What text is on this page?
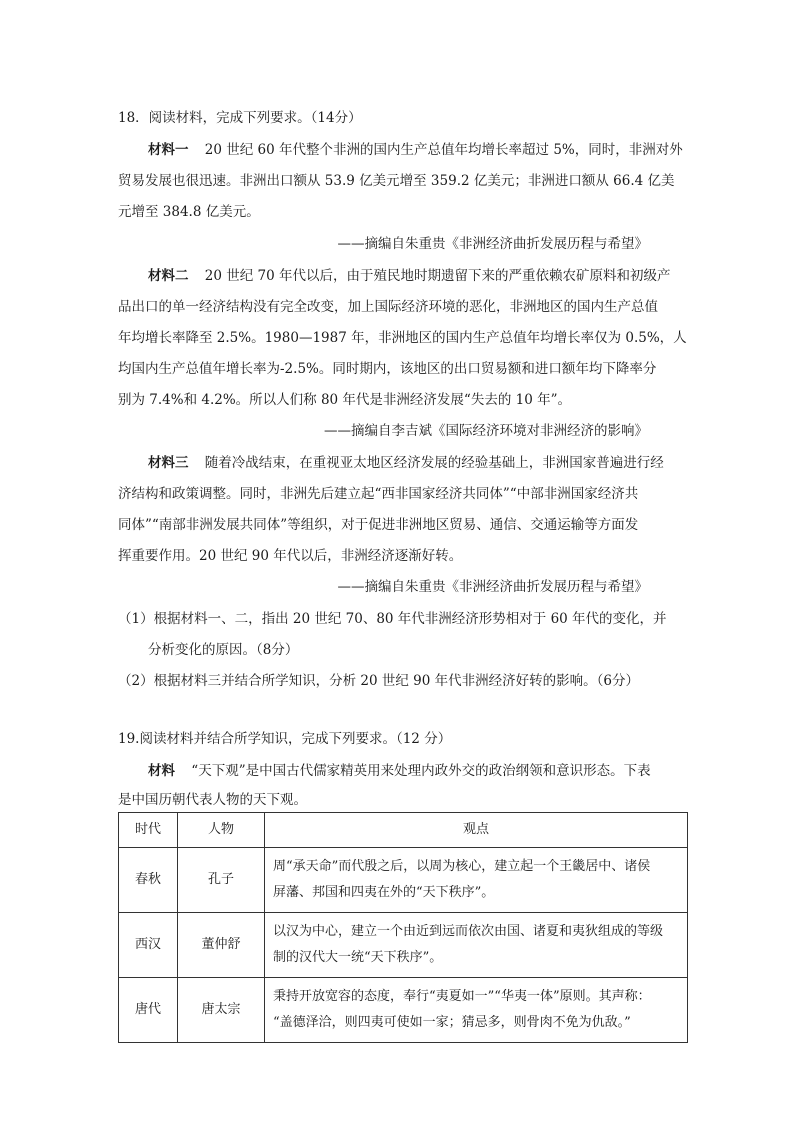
18．阅读材料，完成下列要求。（14分）
材料一 20 世纪 60 年代整个非洲的国内生产总值年均增长率超过 5%，同时，非洲对外
贸易发展也很迅速。非洲出口额从 53.9 亿美元增至 359.2 亿美元；非洲进口额从 66.4 亿美
元增至 384.8 亿美元。
——摘编自朱重贵《非洲经济曲折发展历程与希望》
材料二 20 世纪 70 年代以后，由于殖民地时期遗留下来的严重依赖农矿原料和初级产
品出口的单一经济结构没有完全改变，加上国际经济环境的恶化，非洲地区的国内生产总值
年均增长率降至 2.5%。1980—1987 年，非洲地区的国内生产总值年均增长率仅为 0.5%，人
均国内生产总值年增长率为-2.5%。同时期内，该地区的出口贸易额和进口额年均下降率分
别为 7.4%和 4.2%。所以人们称 80 年代是非洲经济发展“失去的 10 年”。
——摘编自李吉斌《国际经济环境对非洲经济的影响》
材料三 随着冷战结束，在重视亚太地区经济发展的经验基础上，非洲国家普遍进行经
济结构和政策调整。同时，非洲先后建立起“西非国家经济共同体”“中部非洲国家经济共
同体”“南部非洲发展共同体”等组织，对于促进非洲地区贸易、通信、交通运输等方面发
挥重要作用。20 世纪 90 年代以后，非洲经济逐渐好转。
——摘编自朱重贵《非洲经济曲折发展历程与希望》
（1）根据材料一、二，指出 20 世纪 70、80 年代非洲经济形势相对于 60 年代的变化，并
分析变化的原因。（8分）
（2）根据材料三并结合所学知识，分析 20 世纪 90 年代非洲经济好转的影响。（6分）
19.阅读材料并结合所学知识，完成下列要求。（12 分）
材料 “天下观”是中国古代儒家精英用来处理内政外交的政治纲领和意识形态。下表
是中国历朝代表人物的天下观。
时代	人物	观点
春秋	孔子	周“承天命”而代殷之后，以周为核心，建立起一个王畿居中、诸侯
屏藩、邦国和四夷在外的“天下秩序”。

西汉	董仲舒	以汉为中心，建立一个由近到远而依次由国、诸夏和夷狄组成的等级
制的汉代大一统“天下秩序”。

唐代	唐太宗	秉持开放宽容的态度，奉行“夷夏如一”“华夷一体”原则。其声称：
“盖德泽洽，则四夷可使如一家；猜忌多，则骨肉不免为仇敌。”
